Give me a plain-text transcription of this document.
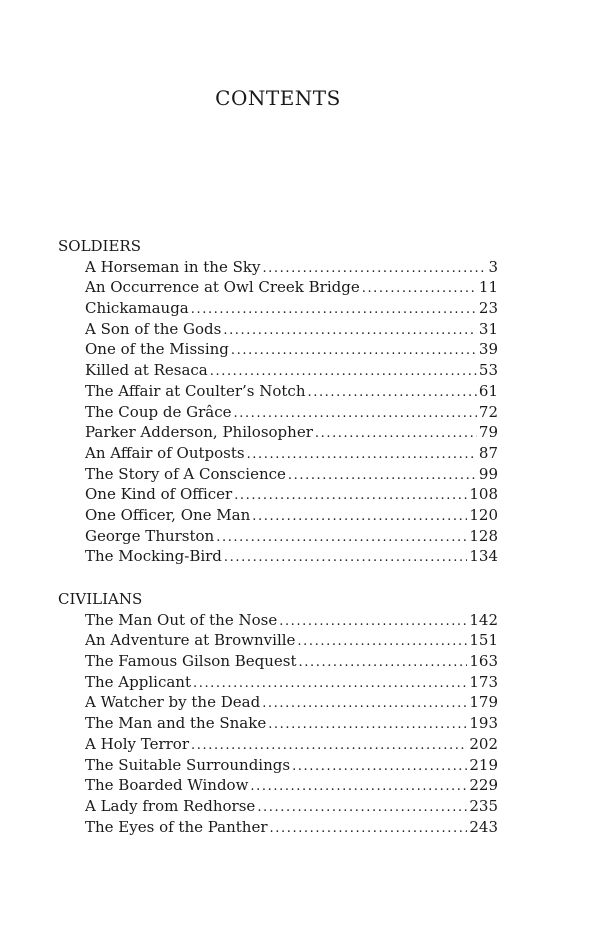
CONTENTS
SOLDIERS
A Horseman in the Sky .....	3
An Occurrence at Owl Creek Bridge .....	11
Chickamauga .....	23
A Son of the Gods .....	31
One of the Missing .....	39
Killed at Resaca .....	53
The Affair at Coulter’s Notch .....	61
The Coup de Grâce .....	72
Parker Adderson, Philosopher .....	79
An Affair of Outposts .....	87
The Story of A Conscience .....	99
One Kind of Officer .....	108
One Officer, One Man .....	120
George Thurston .....	128
The Mocking-Bird .....	134
CIVILIANS
The Man Out of the Nose .....	142
An Adventure at Brownville .....	151
The Famous Gilson Bequest .....	163
The Applicant .....	173
A Watcher by the Dead .....	179
The Man and the Snake .....	193
A Holy Terror .....	202
The Suitable Surroundings .....	219
The Boarded Window .....	229
A Lady from Redhorse .....	235
The Eyes of the Panther .....	243
